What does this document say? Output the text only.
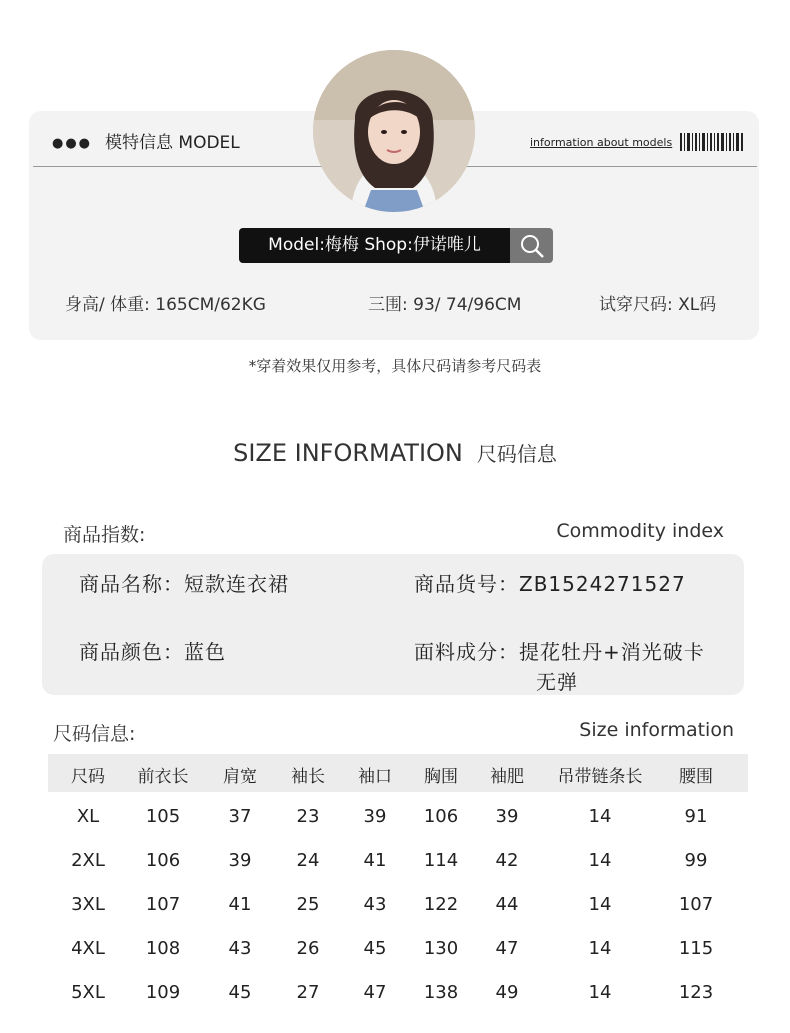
●●● 模特信息 MODEL	information about models
Model:梅梅 Shop:伊诺唯儿
身高/ 体重: 165CM/62KG	三围: 93/ 74/96CM	试穿尺码: XL码
*穿着效果仅用参考，具体尺码请参考尺码表
SIZE INFORMATION 尺码信息
商品指数:	Commodity index
商品名称：短款连衣裙	商品货号：ZB1524271527
商品颜色：蓝色	面料成分：提花牡丹+消光破卡
无弹
尺码信息:	Size information
尺码	前衣长	肩宽	袖长	袖口	胸围	袖肥	吊带链条长	腰围
XL	105	37	23	39	106	39	14	91
2XL	106	39	24	41	114	42	14	99
3XL	107	41	25	43	122	44	14	107
4XL	108	43	26	45	130	47	14	115
5XL	109	45	27	47	138	49	14	123
